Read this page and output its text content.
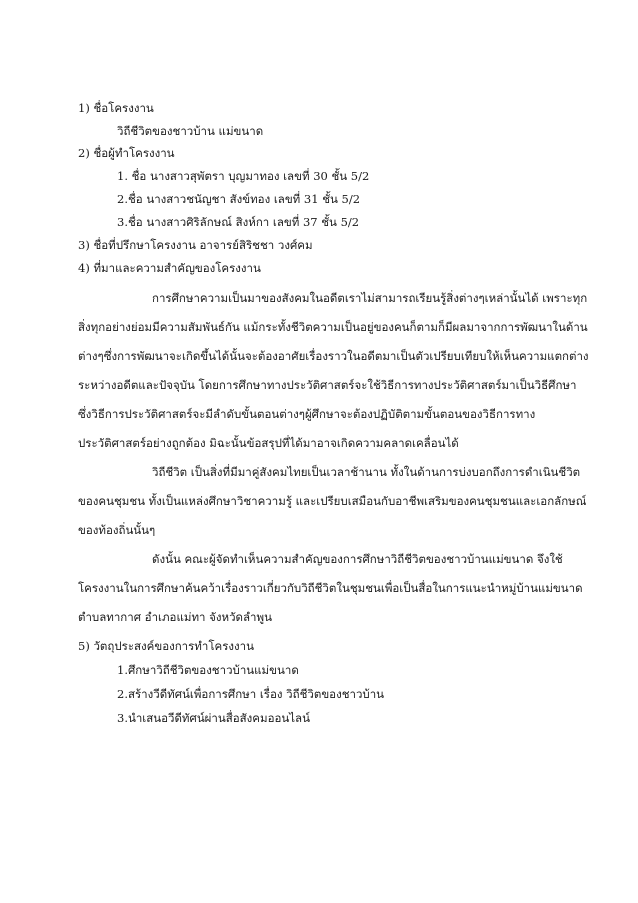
1) ชื่อโครงงาน
วิถีชีวิตของชาวบ้าน แม่ขนาด
2) ชื่อผู้ทำโครงงาน
1. ชื่อ นางสาวสุพัตรา บุญมาทอง เลขที่ 30 ชั้น 5/2
2.ชื่อ นางสาวชนัญชา สังข์ทอง เลขที่ 31 ชั้น 5/2
3.ชื่อ นางสาวศิริลักษณ์ สิงห์กา เลขที่ 37 ชั้น 5/2
3) ชื่อที่ปรึกษาโครงงาน อาจารย์สิริชชา วงศ์คม
4) ที่มาและความสำคัญของโครงงาน
การศึกษาความเป็นมาของสังคมในอดีตเราไม่สามารถเรียนรู้สิ่งต่างๆเหล่านั้นได้ เพราะทุก
สิ่งทุกอย่างย่อมมีความสัมพันธ์กัน แม้กระทั้งชีวิตความเป็นอยู่ของคนก็ตามก็มีผลมาจากการพัฒนาในด้าน
ต่างๆซึ่งการพัฒนาจะเกิดขึ้นได้นั้นจะต้องอาศัยเรื่องราวในอดีตมาเป็นตัวเปรียบเทียบให้เห็นความแตกต่าง
ระหว่างอดีตและปัจจุบัน โดยการศึกษาทางประวัติศาสตร์จะใช้วิธีการทางประวัติศาสตร์มาเป็นวิธีศึกษา
ซึ่งวิธีการประวัติศาสตร์จะมีลำดับขั้นตอนต่างๆผู้ศึกษาจะต้องปฏิบัติตามขั้นตอนของวิธีการทาง
ประวัติศาสตร์อย่างถูกต้อง มิฉะนั้นข้อสรุปที่ได้มาอาจเกิดความคลาดเคลื่อนได้
วิถีชีวิต เป็นสิ่งที่มีมาคู่สังคมไทยเป็นเวลาช้านาน ทั้งในด้านการบ่งบอกถึงการดำเนินชีวิต
ของคนชุมชน ทั้งเป็นแหล่งศึกษาวิชาความรู้ และเปรียบเสมือนกับอาชีพเสริมของคนชุมชนและเอกลักษณ์
ของท้องถิ่นนั้นๆ
ดังนั้น คณะผู้จัดทำเห็นความสำคัญของการศึกษาวิถีชีวิตของชาวบ้านแม่ขนาด จึงใช้
โครงงานในการศึกษาค้นคว้าเรื่องราวเกี่ยวกับวิถีชีวิตในชุมชนเพื่อเป็นสื่อในการแนะนำหมู่บ้านแม่ขนาด
ตำบลทากาศ อำเภอแม่ทา จังหวัดลำพูน
5) วัตถุประสงค์ของการทำโครงงาน
1.ศึกษาวิถีชีวิตของชาวบ้านแม่ขนาด
2.สร้างวีดีทัศน์เพื่อการศึกษา เรื่อง วิถีชีวิตของชาวบ้าน
3.นำเสนอวีดีทัศน์ผ่านสื่อสังคมออนไลน์
